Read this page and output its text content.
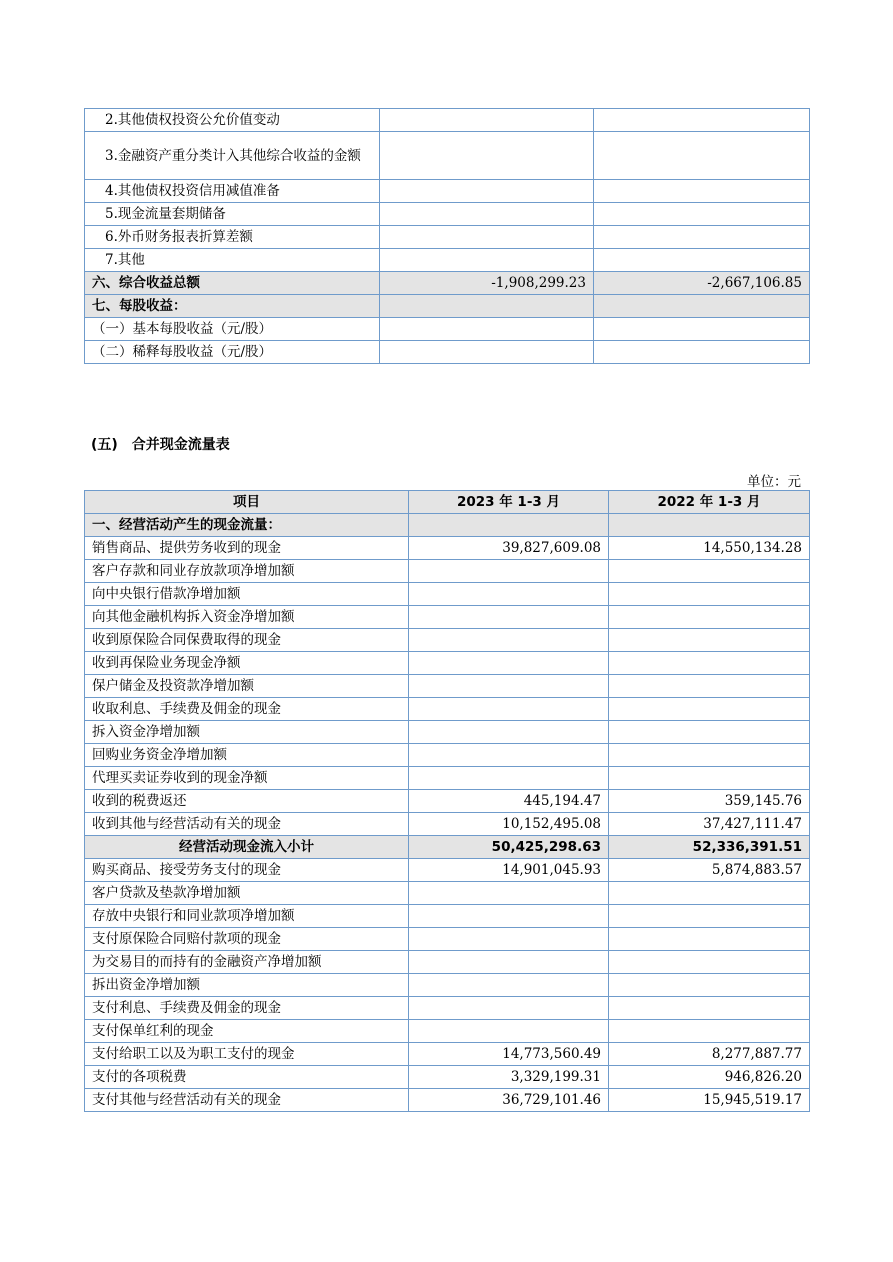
2.其他债权投资公允价值变动		
3.金融资产重分类计入其他综合收益的金额		
4.其他债权投资信用减值准备		
5.现金流量套期储备		
6.外币财务报表折算差额		
7.其他		
六、综合收益总额	-1,908,299.23	-2,667,106.85
七、每股收益：		
（一）基本每股收益（元/股）		
（二）稀释每股收益（元/股）		
(五) 合并现金流量表
单位：元
项目	2023 年 1-3 月	2022 年 1-3 月
一、经营活动产生的现金流量：		
销售商品、提供劳务收到的现金	39,827,609.08	14,550,134.28
客户存款和同业存放款项净增加额		
向中央银行借款净增加额		
向其他金融机构拆入资金净增加额		
收到原保险合同保费取得的现金		
收到再保险业务现金净额		
保户储金及投资款净增加额		
收取利息、手续费及佣金的现金		
拆入资金净增加额		
回购业务资金净增加额		
代理买卖证券收到的现金净额		
收到的税费返还	445,194.47	359,145.76
收到其他与经营活动有关的现金	10,152,495.08	37,427,111.47
经营活动现金流入小计	50,425,298.63	52,336,391.51
购买商品、接受劳务支付的现金	14,901,045.93	5,874,883.57
客户贷款及垫款净增加额		
存放中央银行和同业款项净增加额		
支付原保险合同赔付款项的现金		
为交易目的而持有的金融资产净增加额		
拆出资金净增加额		
支付利息、手续费及佣金的现金		
支付保单红利的现金		
支付给职工以及为职工支付的现金	14,773,560.49	8,277,887.77
支付的各项税费	3,329,199.31	946,826.20
支付其他与经营活动有关的现金	36,729,101.46	15,945,519.17
